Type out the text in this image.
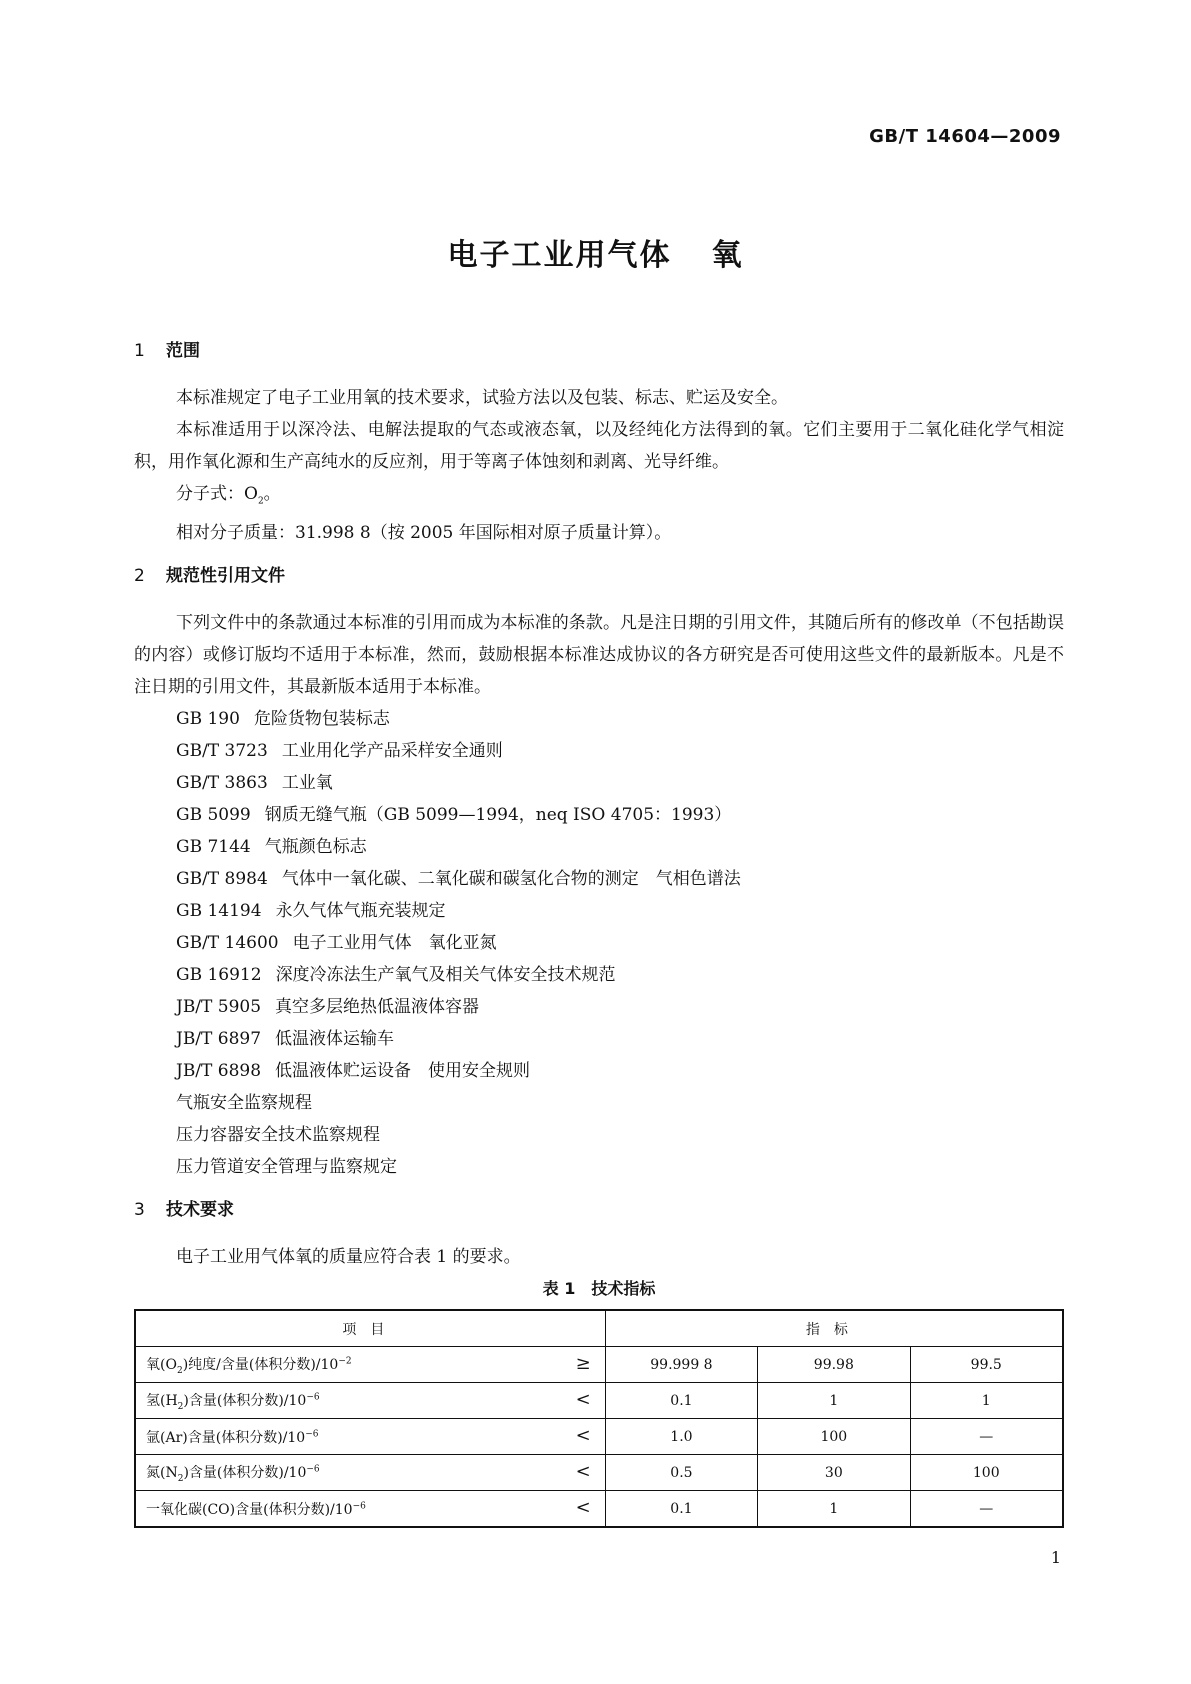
GB/T 14604—2009
电子工业用气体 氧
1 范围

本标准规定了电子工业用氧的技术要求，试验方法以及包装、标志、贮运及安全。

本标准适用于以深冷法、电解法提取的气态或液态氧，以及经纯化方法得到的氧。它们主要用于二氧化硅化学气相淀积，用作氧化源和生产高纯水的反应剂，用于等离子体蚀刻和剥离、光导纤维。

分子式：$O_2$。

相对分子质量：31.998 8（按 2005 年国际相对原子质量计算）。

2 规范性引用文件

下列文件中的条款通过本标准的引用而成为本标准的条款。凡是注日期的引用文件，其随后所有的修改单（不包括勘误的内容）或修订版均不适用于本标准，然而，鼓励根据本标准达成协议的各方研究是否可使用这些文件的最新版本。凡是不注日期的引用文件，其最新版本适用于本标准。

GB 190 危险货物包装标志

GB/T 3723 工业用化学产品采样安全通则

GB/T 3863 工业氧

GB 5099 钢质无缝气瓶（GB 5099—1994，neq ISO 4705：1993）

GB 7144 气瓶颜色标志

GB/T 8984 气体中一氧化碳、二氧化碳和碳氢化合物的测定　气相色谱法

GB 14194 永久气体气瓶充装规定

GB/T 14600 电子工业用气体　氧化亚氮

GB 16912 深度冷冻法生产氧气及相关气体安全技术规范

JB/T 5905 真空多层绝热低温液体容器

JB/T 6897 低温液体运输车

JB/T 6898 低温液体贮运设备　使用安全规则

气瓶安全监察规程

压力容器安全技术监察规程

压力管道安全管理与监察规定

3 技术要求

电子工业用气体氧的质量应符合表 1 的要求。

表 1　技术指标
项目	指标		
氧$(O_2)$纯度/含量(体积分数)$/10^{-2}$ ≥	99.999 8	99.98	99.5
氢$(H_2)$含量(体积分数)$/10^{-6}$ <	0.1	1	1
氩(Ar)含量(体积分数)$/10^{-6}$ <	1.0	100	—
氮$(N_2)$含量(体积分数)$/10^{-6}$ <	0.5	30	100
一氧化碳(CO)含量(体积分数)$/10^{-6}$ <	0.1	1	—
1
